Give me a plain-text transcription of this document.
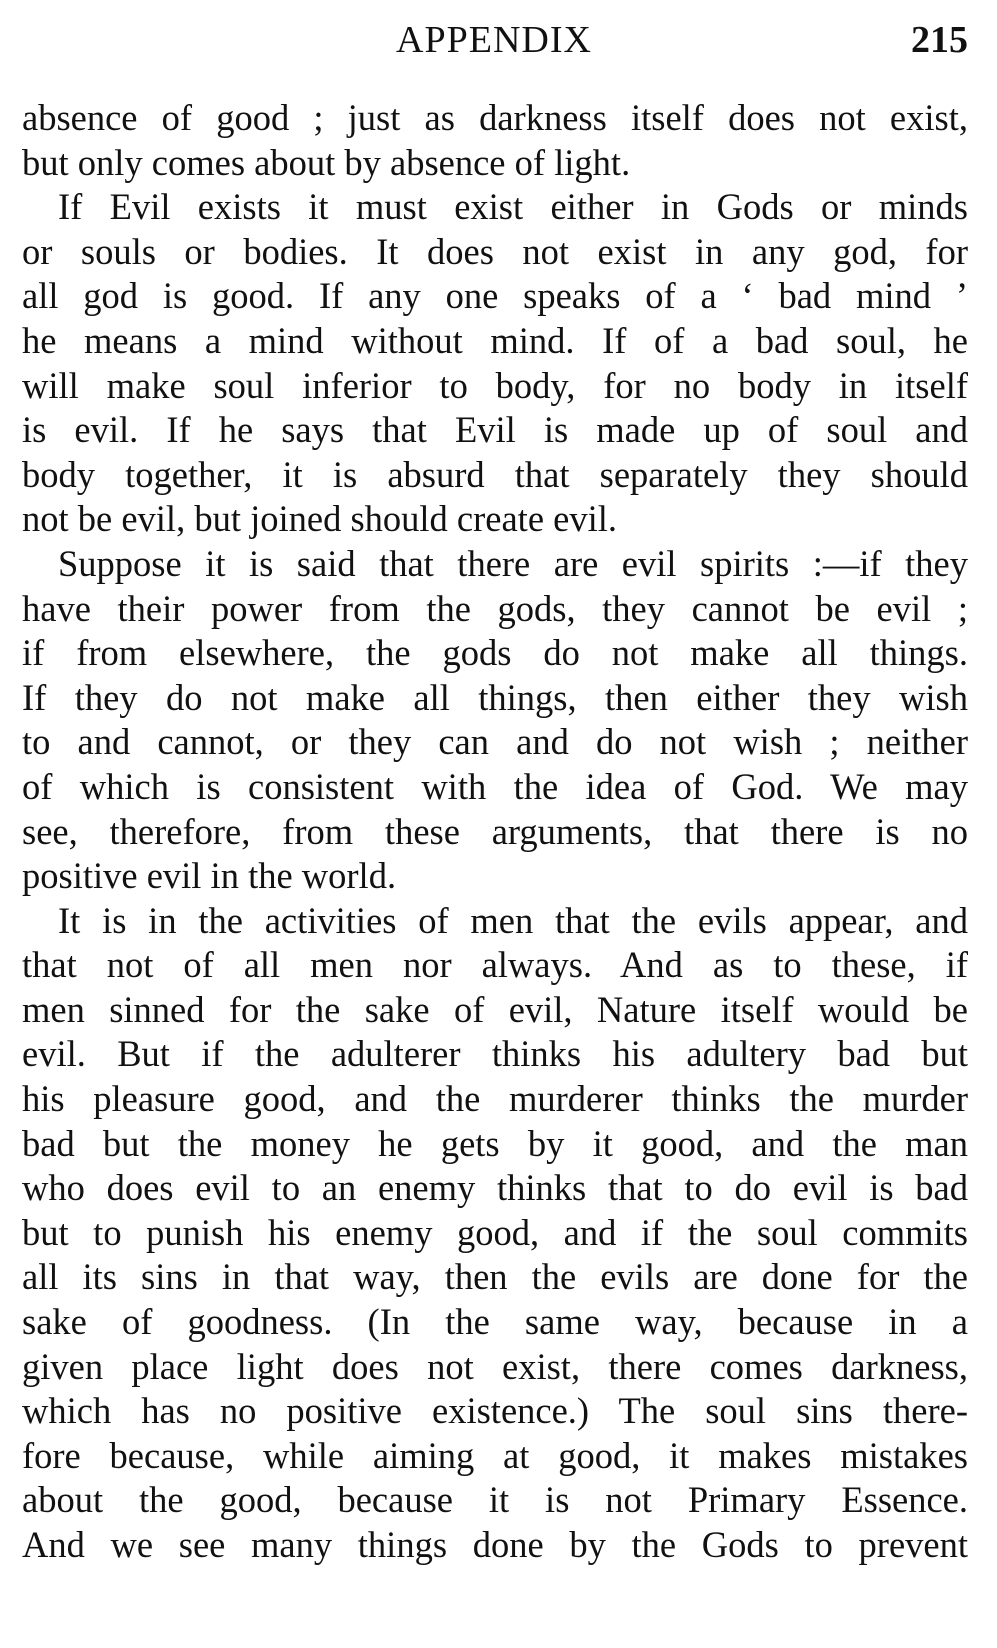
APPENDIX	215
absence of good ; just as darkness itself does not exist,
but only comes about by absence of light.
If Evil exists it must exist either in Gods or minds
or souls or bodies. It does not exist in any god, for
all god is good. If any one speaks of a ‘ bad mind ’
he means a mind without mind. If of a bad soul, he
will make soul inferior to body, for no body in itself
is evil. If he says that Evil is made up of soul and
body together, it is absurd that separately they should
not be evil, but joined should create evil.
Suppose it is said that there are evil spirits :—if they
have their power from the gods, they cannot be evil ;
if from elsewhere, the gods do not make all things.
If they do not make all things, then either they wish
to and cannot, or they can and do not wish ; neither
of which is consistent with the idea of God. We may
see, therefore, from these arguments, that there is no
positive evil in the world.
It is in the activities of men that the evils appear, and
that not of all men nor always. And as to these, if
men sinned for the sake of evil, Nature itself would be
evil. But if the adulterer thinks his adultery bad but
his pleasure good, and the murderer thinks the murder
bad but the money he gets by it good, and the man
who does evil to an enemy thinks that to do evil is bad
but to punish his enemy good, and if the soul commits
all its sins in that way, then the evils are done for the
sake of goodness. (In the same way, because in a
given place light does not exist, there comes darkness,
which has no positive existence.) The soul sins there-
fore because, while aiming at good, it makes mistakes
about the good, because it is not Primary Essence.
And we see many things done by the Gods to prevent
